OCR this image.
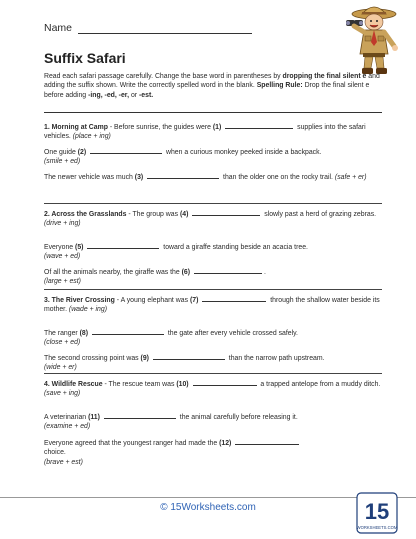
Name
Suffix Safari
Read each safari passage carefully. Change the base word in parentheses by dropping the final silent e and adding the suffix shown. Write the correctly spelled word in the blank. Spelling Rule: Drop the final silent e before adding -ing, -ed, -er, or -est.
1. Morning at Camp - Before sunrise, the guides were (1)	supplies into the safari vehicles. (place + ing)
One guide (2)	when a curious monkey peeked inside a backpack.
(smile + ed)
The newer vehicle was much (3)	than the older one on the rocky trail. (safe + er)
2. Across the Grasslands - The group was (4)	slowly past a herd of grazing zebras. (drive + ing)
Everyone (5)	toward a giraffe standing beside an acacia tree.
(wave + ed)
Of all the animals nearby, the giraffe was the (6)	.
(large + est)
3. The River Crossing - A young elephant was (7)	through the shallow water beside its mother. (wade + ing)
The ranger (8)	the gate after every vehicle crossed safely.
(close + ed)
The second crossing point was (9)	than the narrow path upstream.
(wide + er)
4. Wildlife Rescue - The rescue team was (10)	a trapped antelope from a muddy ditch. (save + ing)
A veterinarian (11)	the animal carefully before releasing it.
(examine + ed)
Everyone agreed that the youngest ranger had made the (12)
choice.
(brave + est)
© 15Worksheets.com	15
WORKSHEETS.COM
